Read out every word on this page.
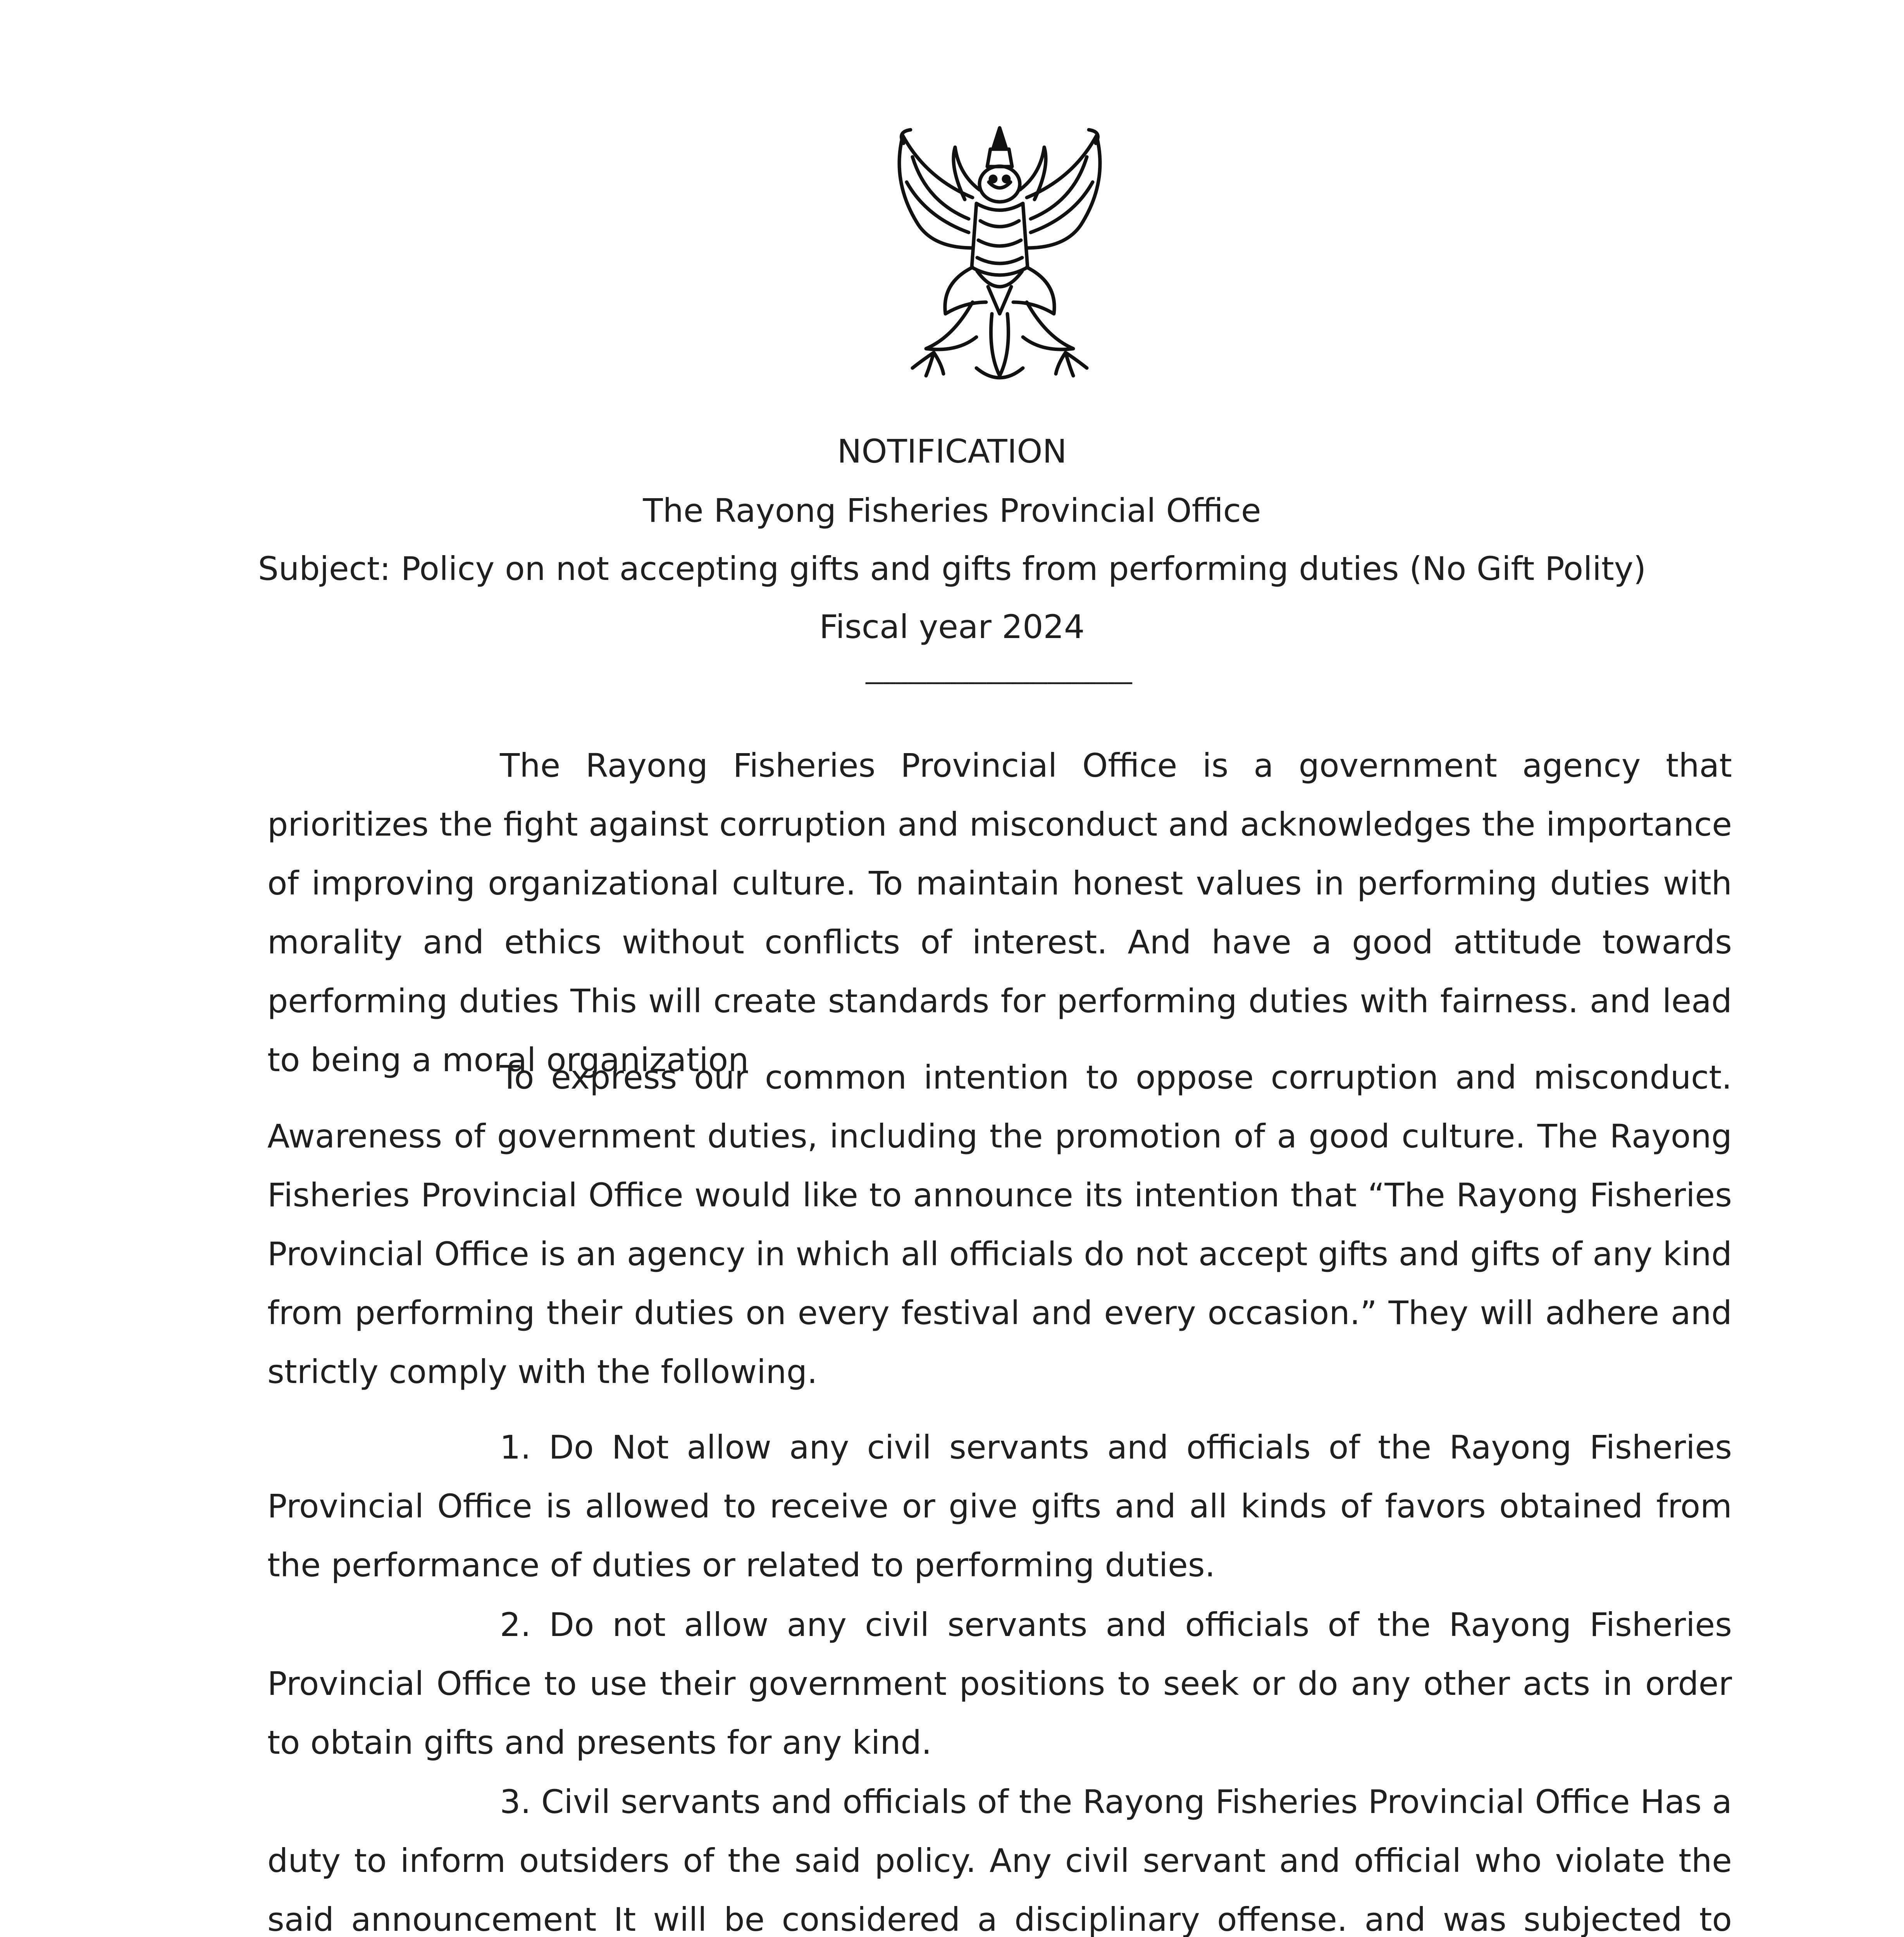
NOTIFICATION
The Rayong Fisheries Provincial Office
Subject: Policy on not accepting gifts and gifts from performing duties (No Gift Polity)
Fiscal year 2024
--------------------------------------------
The Rayong Fisheries Provincial Office is a government agency that prioritizes the fight against corruption and misconduct and acknowledges the importance of improving organizational culture. To maintain honest values in performing duties with morality and ethics without conflicts of interest. And have a good attitude towards performing duties This will create standards for performing duties with fairness. and lead to being a moral organization
To express our common intention to oppose corruption and misconduct. Awareness of government duties, including the promotion of a good culture. The Rayong Fisheries Provincial Office would like to announce its intention that “The Rayong Fisheries Provincial Office is an agency in which all officials do not accept gifts and gifts of any kind from performing their duties on every festival and every occasion.” They will adhere and strictly comply with the following.
1. Do Not allow any civil servants and officials of the Rayong Fisheries Provincial Office is allowed to receive or give gifts and all kinds of favors obtained from the performance of duties or related to performing duties.
2. Do not allow any civil servants and officials of the Rayong Fisheries Provincial Office to use their government positions to seek or do any other acts in order to obtain gifts and presents for any kind.
3. Civil servants and officials of the Rayong Fisheries Provincial Office Has a duty to inform outsiders of the said policy. Any civil servant and official who violate the said announcement It will be considered a disciplinary offense. and was subjected to
